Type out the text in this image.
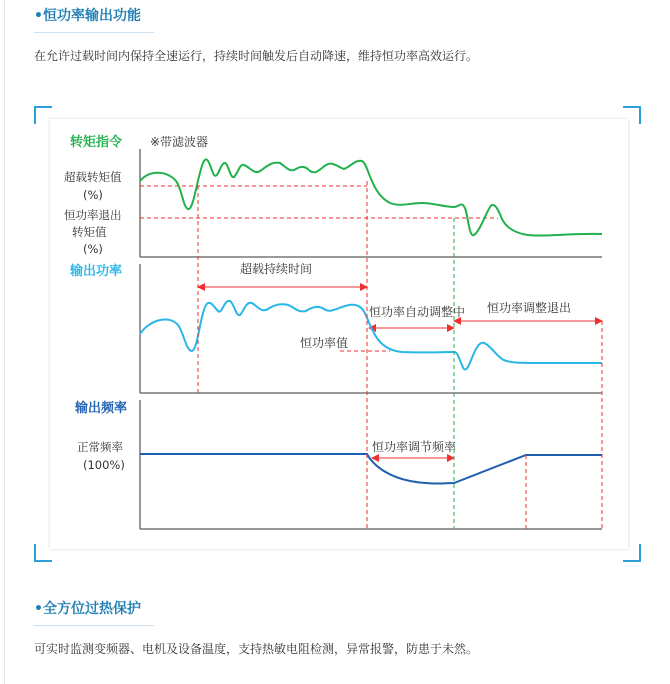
•恒功率输出功能
在允许过载时间内保持全速运行，持续时间触发后自动降速，维持恒功率高效运行。
转矩指令 ※带滤波器
超载转矩值
(%)
恒功率退出
转矩值
(%)
输出功率	超载持续时间
恒功率自动调整中 恒功率调整退出
恒功率值
输出频率
正常频率
(100%)
恒功率调节频率
•全方位过热保护
可实时监测变频器、电机及设备温度，支持热敏电阻检测，异常报警，防患于未然。
